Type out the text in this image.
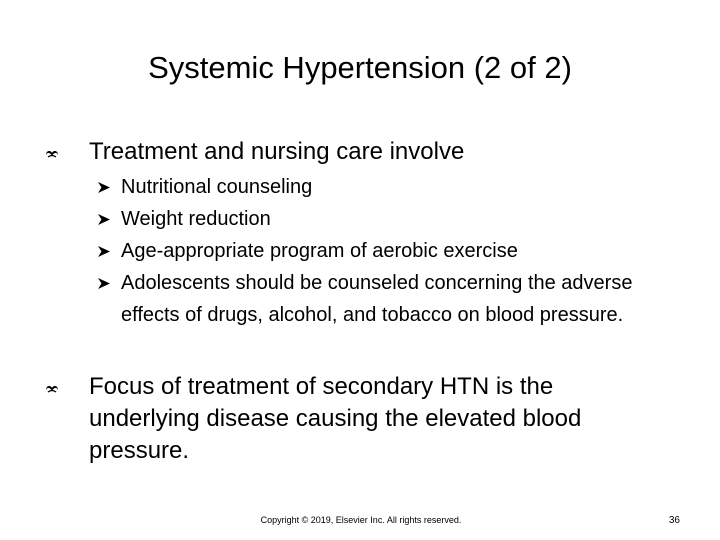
Systemic Hypertension (2 of 2)
Treatment and nursing care involve
Nutritional counseling
Weight reduction
Age-appropriate program of aerobic exercise
Adolescents should be counseled concerning the adverse effects of drugs, alcohol, and tobacco on blood pressure.
Focus of treatment of secondary HTN is the underlying disease causing the elevated blood pressure.
Copyright © 2019, Elsevier Inc. All rights reserved.	36
